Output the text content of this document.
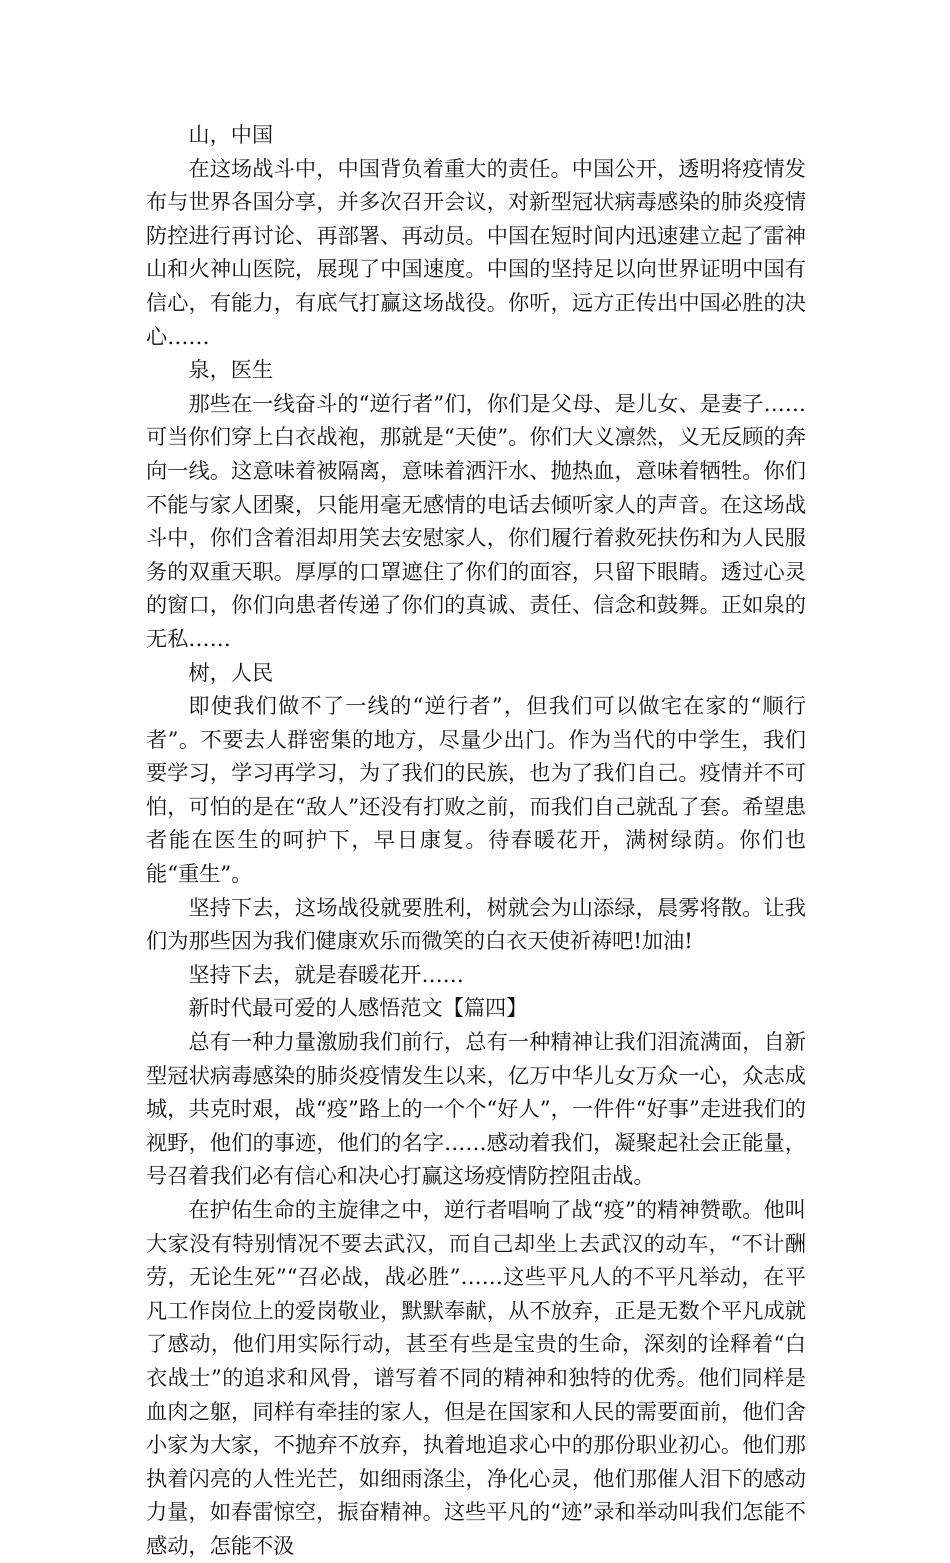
山，中国

在这场战斗中，中国背负着重大的责任。中国公开，透明将疫情发布与世界各国分享，并多次召开会议，对新型冠状病毒感染的肺炎疫情防控进行再讨论、再部署、再动员。中国在短时间内迅速建立起了雷神山和火神山医院，展现了中国速度。中国的坚持足以向世界证明中国有信心，有能力，有底气打赢这场战役。你听，远方正传出中国必胜的决心……

泉，医生

那些在一线奋斗的“逆行者”们，你们是父母、是儿女、是妻子……可当你们穿上白衣战袍，那就是“天使”。你们大义凛然，义无反顾的奔向一线。这意味着被隔离，意味着洒汗水、抛热血，意味着牺牲。你们不能与家人团聚，只能用毫无感情的电话去倾听家人的声音。在这场战斗中，你们含着泪却用笑去安慰家人，你们履行着救死扶伤和为人民服务的双重天职。厚厚的口罩遮住了你们的面容，只留下眼睛。透过心灵的窗口，你们向患者传递了你们的真诚、责任、信念和鼓舞。正如泉的无私……

树，人民

即使我们做不了一线的“逆行者”，但我们可以做宅在家的“顺行者”。不要去人群密集的地方，尽量少出门。作为当代的中学生，我们要学习，学习再学习，为了我们的民族，也为了我们自己。疫情并不可怕，可怕的是在“敌人”还没有打败之前，而我们自己就乱了套。希望患者能在医生的呵护下，早日康复。待春暖花开，满树绿荫。你们也能“重生”。

坚持下去，这场战役就要胜利，树就会为山添绿，晨雾将散。让我们为那些因为我们健康欢乐而微笑的白衣天使祈祷吧!加油!

坚持下去，就是春暖花开……

新时代最可爱的人感悟范文【篇四】

总有一种力量激励我们前行，总有一种精神让我们泪流满面，自新型冠状病毒感染的肺炎疫情发生以来，亿万中华儿女万众一心，众志成城，共克时艰，战“疫”路上的一个个“好人”，一件件“好事”走进我们的视野，他们的事迹，他们的名字……感动着我们，凝聚起社会正能量，号召着我们必有信心和决心打赢这场疫情防控阻击战。

在护佑生命的主旋律之中，逆行者唱响了战“疫”的精神赞歌。他叫大家没有特别情况不要去武汉，而自己却坐上去武汉的动车，“不计酬劳，无论生死”“召必战，战必胜”……这些平凡人的不平凡举动，在平凡工作岗位上的爱岗敬业，默默奉献，从不放弃，正是无数个平凡成就了感动，他们用实际行动，甚至有些是宝贵的生命，深刻的诠释着“白衣战士”的追求和风骨，谱写着不同的精神和独特的优秀。他们同样是血肉之躯，同样有牵挂的家人，但是在国家和人民的需要面前，他们舍小家为大家，不抛弃不放弃，执着地追求心中的那份职业初心。他们那执着闪亮的人性光芒，如细雨涤尘，净化心灵，他们那催人泪下的感动力量，如春雷惊空，振奋精神。这些平凡的“迹”录和举动叫我们怎能不感动，怎能不汲
